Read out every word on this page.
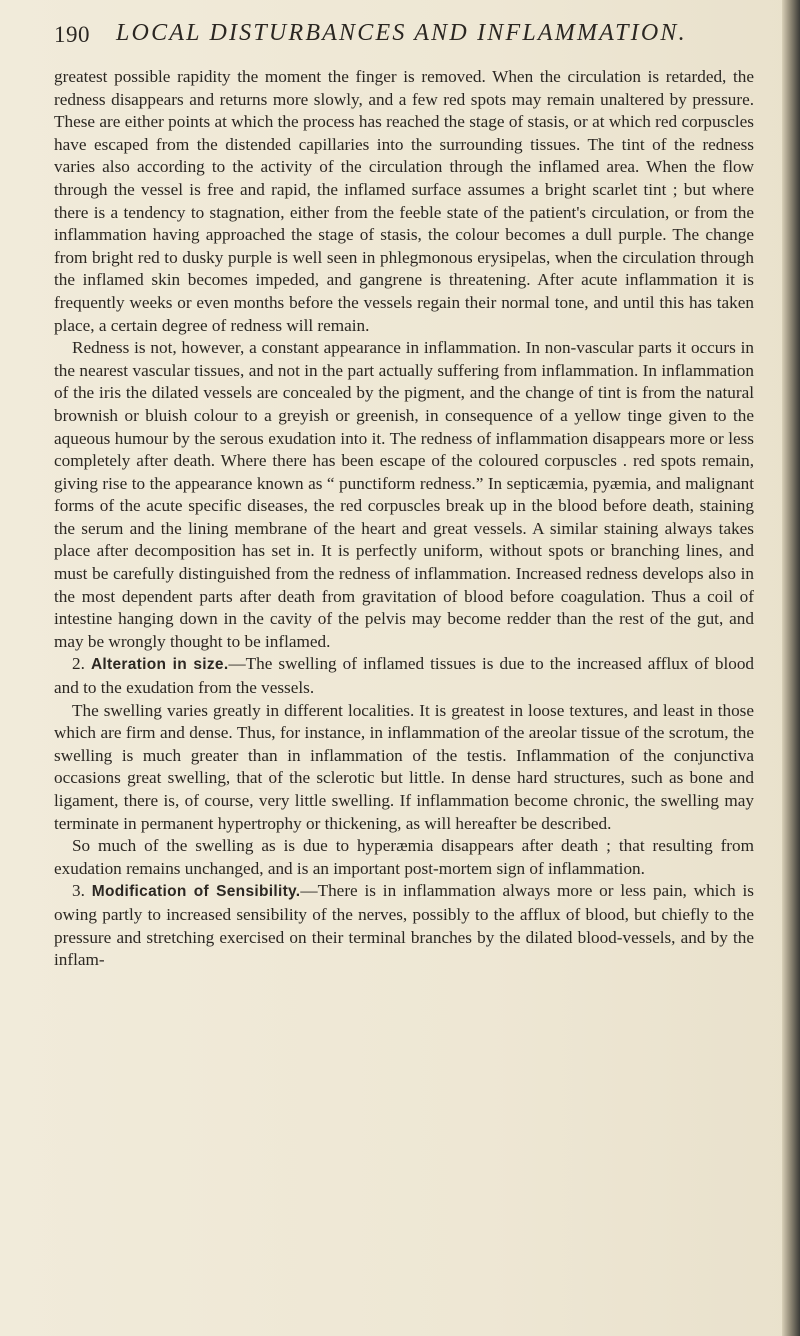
190 LOCAL DISTURBANCES AND INFLAMMATION.

greatest possible rapidity the moment the finger is removed. When the circulation is retarded, the redness disappears and returns more slowly, and a few red spots may remain unaltered by pressure. These are either points at which the process has reached the stage of stasis, or at which red corpuscles have escaped from the distended capillaries into the surrounding tissues. The tint of the redness varies also according to the activity of the circulation through the inflamed area. When the flow through the vessel is free and rapid, the inflamed surface assumes a bright scarlet tint ; but where there is a tendency to stagnation, either from the feeble state of the patient's circulation, or from the inflammation having approached the stage of stasis, the colour becomes a dull purple. The change from bright red to dusky purple is well seen in phlegmonous erysipelas, when the circulation through the inflamed skin becomes impeded, and gangrene is threatening. After acute inflammation it is frequently weeks or even months before the vessels regain their normal tone, and until this has taken place, a certain degree of redness will remain.

Redness is not, however, a constant appearance in inflammation. In non-vascular parts it occurs in the nearest vascular tissues, and not in the part actually suffering from inflammation. In inflammation of the iris the dilated vessels are concealed by the pigment, and the change of tint is from the natural brownish or bluish colour to a greyish or greenish, in consequence of a yellow tinge given to the aqueous humour by the serous exudation into it. The redness of inflammation disappears more or less completely after death. Where there has been escape of the coloured corpuscles . red spots remain, giving rise to the appearance known as “ punctiform redness.” In septicæmia, pyæmia, and malignant forms of the acute specific diseases, the red corpuscles break up in the blood before death, staining the serum and the lining membrane of the heart and great vessels. A similar staining always takes place after decomposition has set in. It is perfectly uniform, without spots or branching lines, and must be carefully distinguished from the redness of inflammation. Increased redness develops also in the most dependent parts after death from gravitation of blood before coagulation. Thus a coil of intestine hanging down in the cavity of the pelvis may become redder than the rest of the gut, and may be wrongly thought to be inflamed.

2. Alteration in size.—The swelling of inflamed tissues is due to the increased afflux of blood and to the exudation from the vessels.

The swelling varies greatly in different localities. It is greatest in loose textures, and least in those which are firm and dense. Thus, for instance, in inflammation of the areolar tissue of the scrotum, the swelling is much greater than in inflammation of the testis. Inflammation of the conjunctiva occasions great swelling, that of the sclerotic but little. In dense hard structures, such as bone and ligament, there is, of course, very little swelling. If inflammation become chronic, the swelling may terminate in permanent hypertrophy or thickening, as will hereafter be described.

So much of the swelling as is due to hyperæmia disappears after death ; that resulting from exudation remains unchanged, and is an important post-mortem sign of inflammation.

3. Modification of Sensibility.—There is in inflammation always more or less pain, which is owing partly to increased sensibility of the nerves, possibly to the afflux of blood, but chiefly to the pressure and stretching exercised on their terminal branches by the dilated blood-vessels, and by the inflam-
